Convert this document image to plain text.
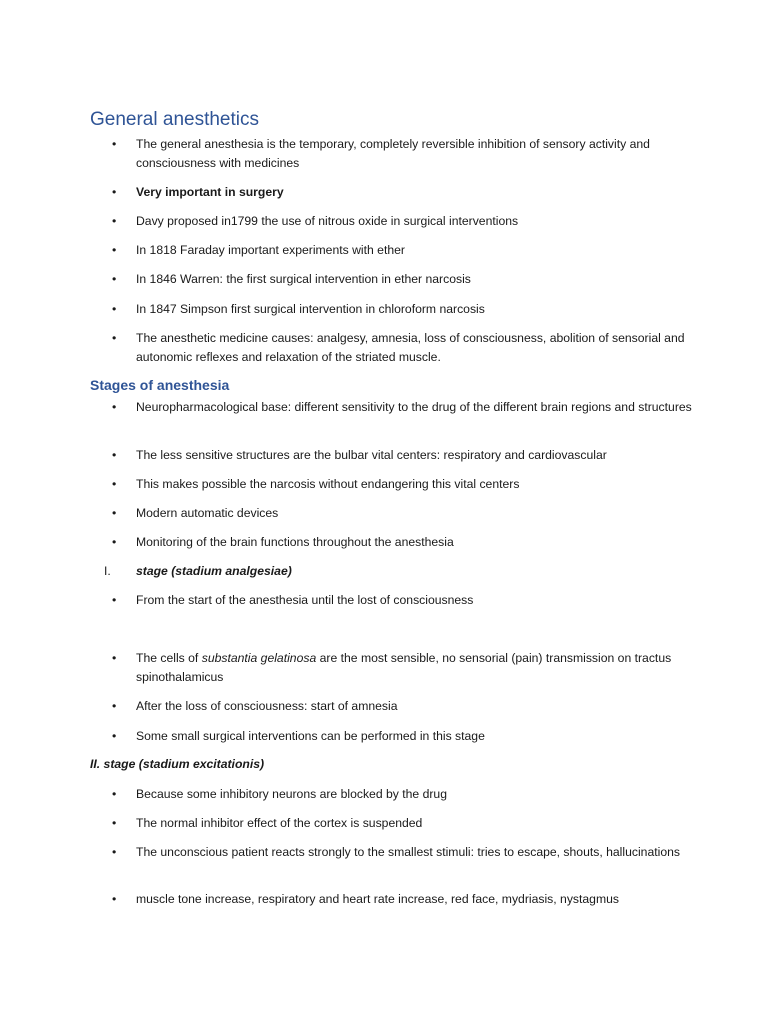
General anesthetics
•	The general anesthesia is the temporary, completely reversible inhibition of sensory activity and consciousness with medicines
•	Very important in surgery
•	Davy proposed in1799 the use of nitrous oxide in surgical interventions
•	In 1818 Faraday important experiments with ether
•	In 1846 Warren: the first surgical intervention in ether narcosis
•	In 1847 Simpson first surgical intervention in chloroform narcosis
•	The anesthetic medicine causes: analgesy, amnesia, loss of consciousness, abolition of sensorial and autonomic reflexes and relaxation of the striated muscle.
Stages of anesthesia
•	Neuropharmacological base: different sensitivity to the drug of the different brain regions and structures
•	The less sensitive structures are the bulbar vital centers: respiratory and cardiovascular
•	This makes possible the narcosis without endangering this vital centers
•	Modern automatic devices
•	Monitoring of the brain functions throughout the anesthesia
I. stage (stadium analgesiae)
•	From the start of the anesthesia until the lost of consciousness
•	The cells of substantia gelatinosa are the most sensible, no sensorial (pain) transmission on tractus spinothalamicus
•	After the loss of consciousness: start of amnesia
•	Some small surgical interventions can be performed in this stage
II. stage (stadium excitationis)
•	Because some inhibitory neurons are blocked by the drug
•	The normal inhibitor effect of the cortex is suspended
•	The unconscious patient reacts strongly to the smallest stimuli: tries to escape, shouts, hallucinations
•	muscle tone increase, respiratory and heart rate increase, red face, mydriasis, nystagmus
